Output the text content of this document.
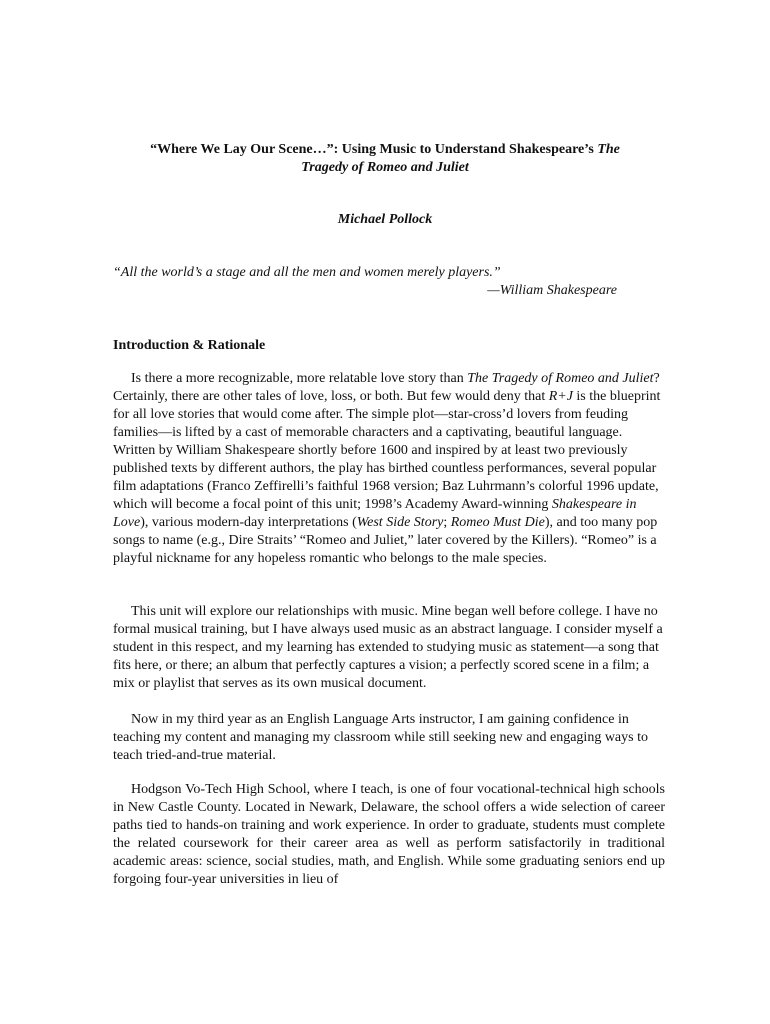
“Where We Lay Our Scene…”: Using Music to Understand Shakespeare’s The
Tragedy of Romeo and Juliet
Michael Pollock
“All the world’s a stage and all the men and women merely players.”
—William Shakespeare
Introduction & Rationale

Is there a more recognizable, more relatable love story than The Tragedy of Romeo and Juliet? Certainly, there are other tales of love, loss, or both. But few would deny that R+J is the blueprint for all love stories that would come after. The simple plot—star-cross’d lovers from feuding families—is lifted by a cast of memorable characters and a captivating, beautiful language. Written by William Shakespeare shortly before 1600 and inspired by at least two previously published texts by different authors, the play has birthed countless performances, several popular film adaptations (Franco Zeffirelli’s faithful 1968 version; Baz Luhrmann’s colorful 1996 update, which will become a focal point of this unit; 1998’s Academy Award-winning Shakespeare in Love), various modern-day interpretations (West Side Story; Romeo Must Die), and too many pop songs to name (e.g., Dire Straits’ “Romeo and Juliet,” later covered by the Killers). “Romeo” is a playful nickname for any hopeless romantic who belongs to the male species.

This unit will explore our relationships with music. Mine began well before college. I have no formal musical training, but I have always used music as an abstract language. I consider myself a student in this respect, and my learning has extended to studying music as statement—a song that fits here, or there; an album that perfectly captures a vision; a perfectly scored scene in a film; a mix or playlist that serves as its own musical document.

Now in my third year as an English Language Arts instructor, I am gaining confidence in teaching my content and managing my classroom while still seeking new and engaging ways to teach tried-and-true material.

Hodgson Vo-Tech High School, where I teach, is one of four vocational-technical high schools in New Castle County. Located in Newark, Delaware, the school offers a wide selection of career paths tied to hands-on training and work experience. In order to graduate, students must complete the related coursework for their career area as well as perform satisfactorily in traditional academic areas: science, social studies, math, and English. While some graduating seniors end up forgoing four-year universities in lieu of
